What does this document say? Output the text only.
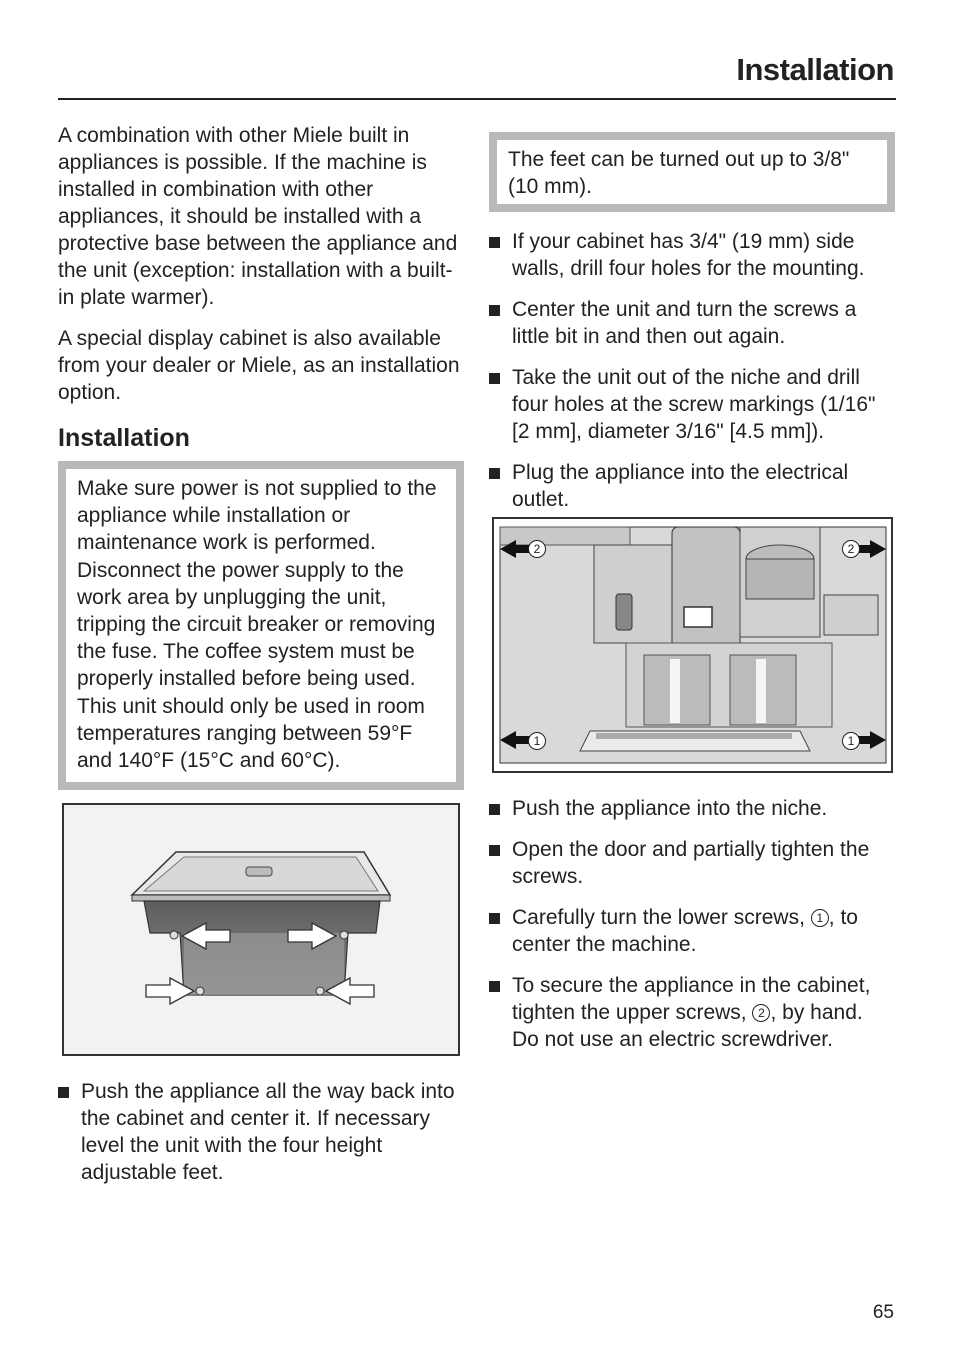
Installation

A combination with other Miele built in appliances is possible. If the machine is installed in combination with other appliances, it should be installed with a protective base between the appliance and the unit (exception: installation with a built-in plate warmer).

A special display cabinet is also available from your dealer or Miele, as an installation option.

Installation
Make sure power is not supplied to the appliance while installation or maintenance work is performed. Disconnect the power supply to the work area by unplugging the unit, tripping the circuit breaker or removing the fuse. The coffee system must be properly installed before being used.
This unit should only be used in room temperatures ranging between 59°F and 140°F (15°C and 60°C).
Push the appliance all the way back into the cabinet and center it. If necessary level the unit with the four height adjustable feet.
The feet can be turned out up to 3/8" (10 mm).
If your cabinet has 3/4" (19 mm) side walls, drill four holes for the mounting.
Center the unit and turn the screws a little bit in and then out again.
Take the unit out of the niche and drill four holes at the screw markings (1/16" [2 mm], diameter 3/16" [4.5 mm]).
Plug the appliance into the electrical outlet.
2	2
1	1
Push the appliance into the niche.
Open the door and partially tighten the screws.
Carefully turn the lower screws, 1 , to center the machine.
To secure the appliance in the cabinet, tighten the upper screws, 2 , by hand. Do not use an electric screwdriver.
65
